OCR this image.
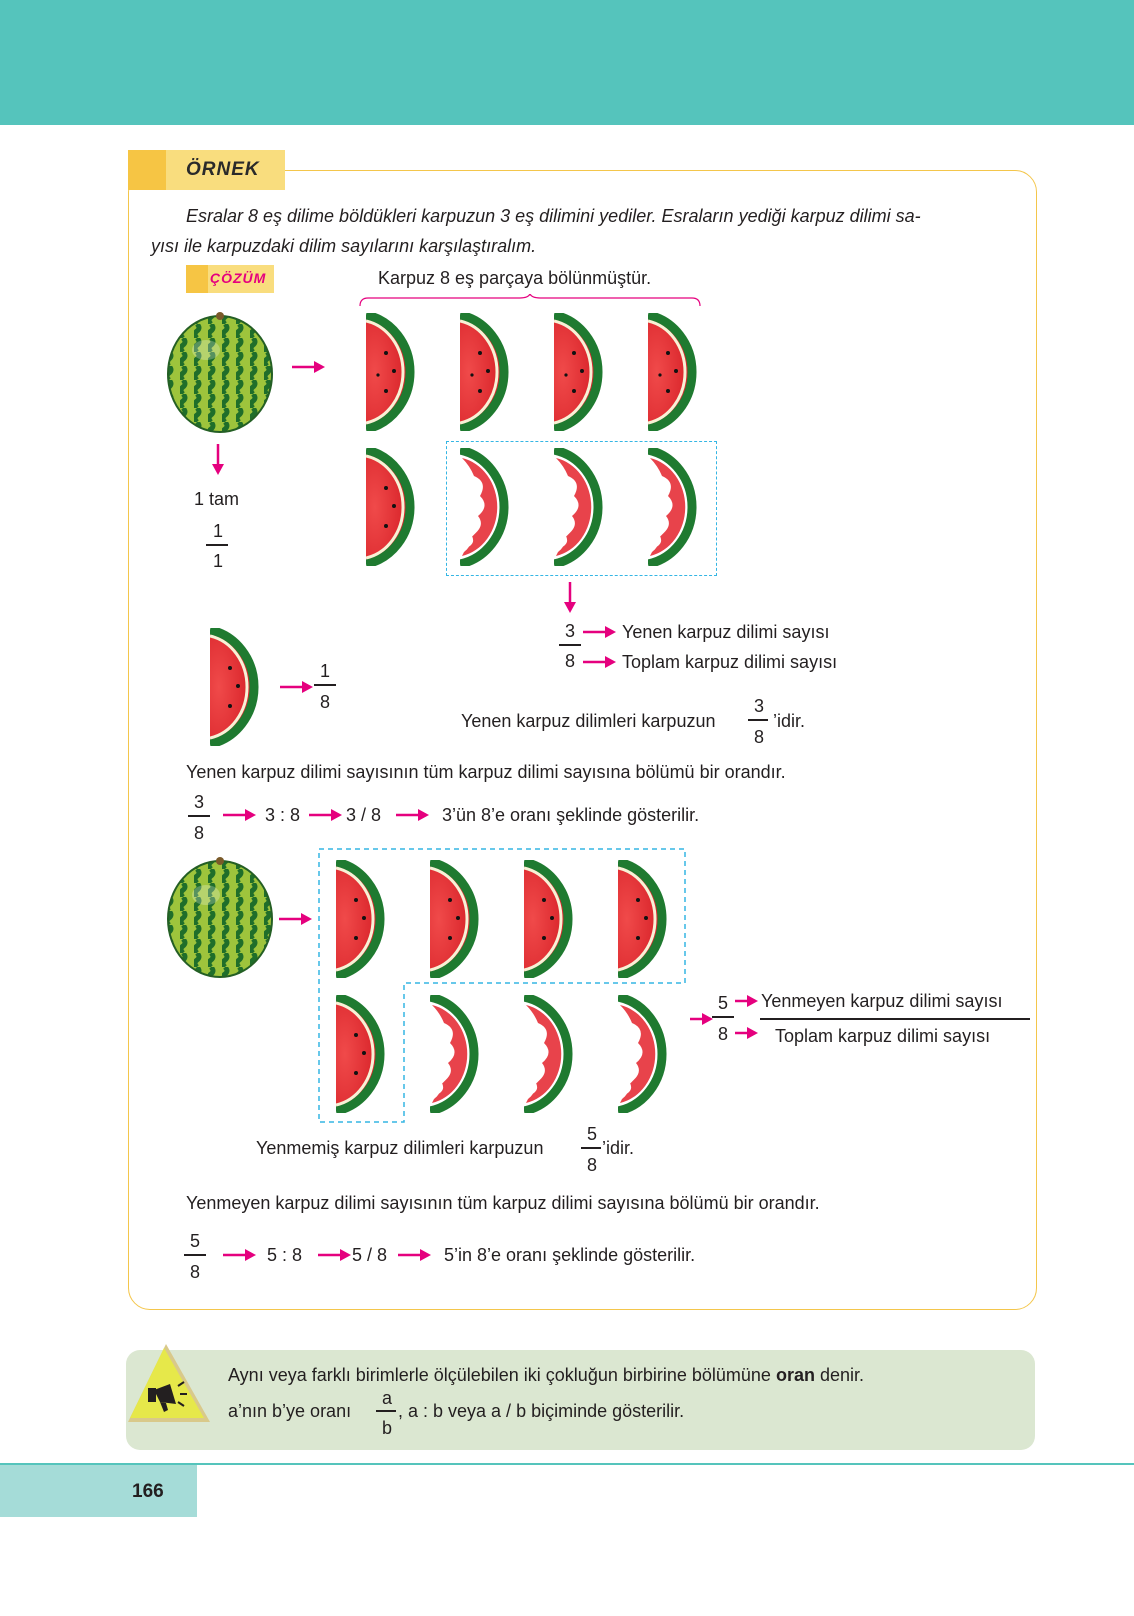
ÖRNEK
Esralar 8 eş dilime böldükleri karpuzun 3 eş dilimini yediler. Esraların yediği karpuz dilimi sa-
yısı ile karpuzdaki dilim sayılarını karşılaştıralım.
ÇÖZÜM	Karpuz 8 eş parçaya bölünmüştür.
1 tam
1
1
3
8
Yenen karpuz dilimi sayısı
Toplam karpuz dilimi sayısı
1
8
Yenen karpuz dilimleri karpuzun
3
8
’idir.
Yenen karpuz dilimi sayısının tüm karpuz dilimi sayısına bölümü bir orandır.
3
8
3 : 8	3 / 8	3’ün 8’e oranı şeklinde gösterilir.
5
8
Yenmeyen karpuz dilimi sayısı
Toplam karpuz dilimi sayısı
Yenmemiş karpuz dilimleri karpuzun
5
8
’idir.
Yenmeyen karpuz dilimi sayısının tüm karpuz dilimi sayısına bölümü bir orandır.
5
8
5 : 8	5 / 8	5’in 8’e oranı şeklinde gösterilir.
Aynı veya farklı birimlerle ölçülebilen iki çokluğun birbirine bölümüne oran denir.
a’nın b’ye oranı
a
b
, a : b veya a / b biçiminde gösterilir.
166
